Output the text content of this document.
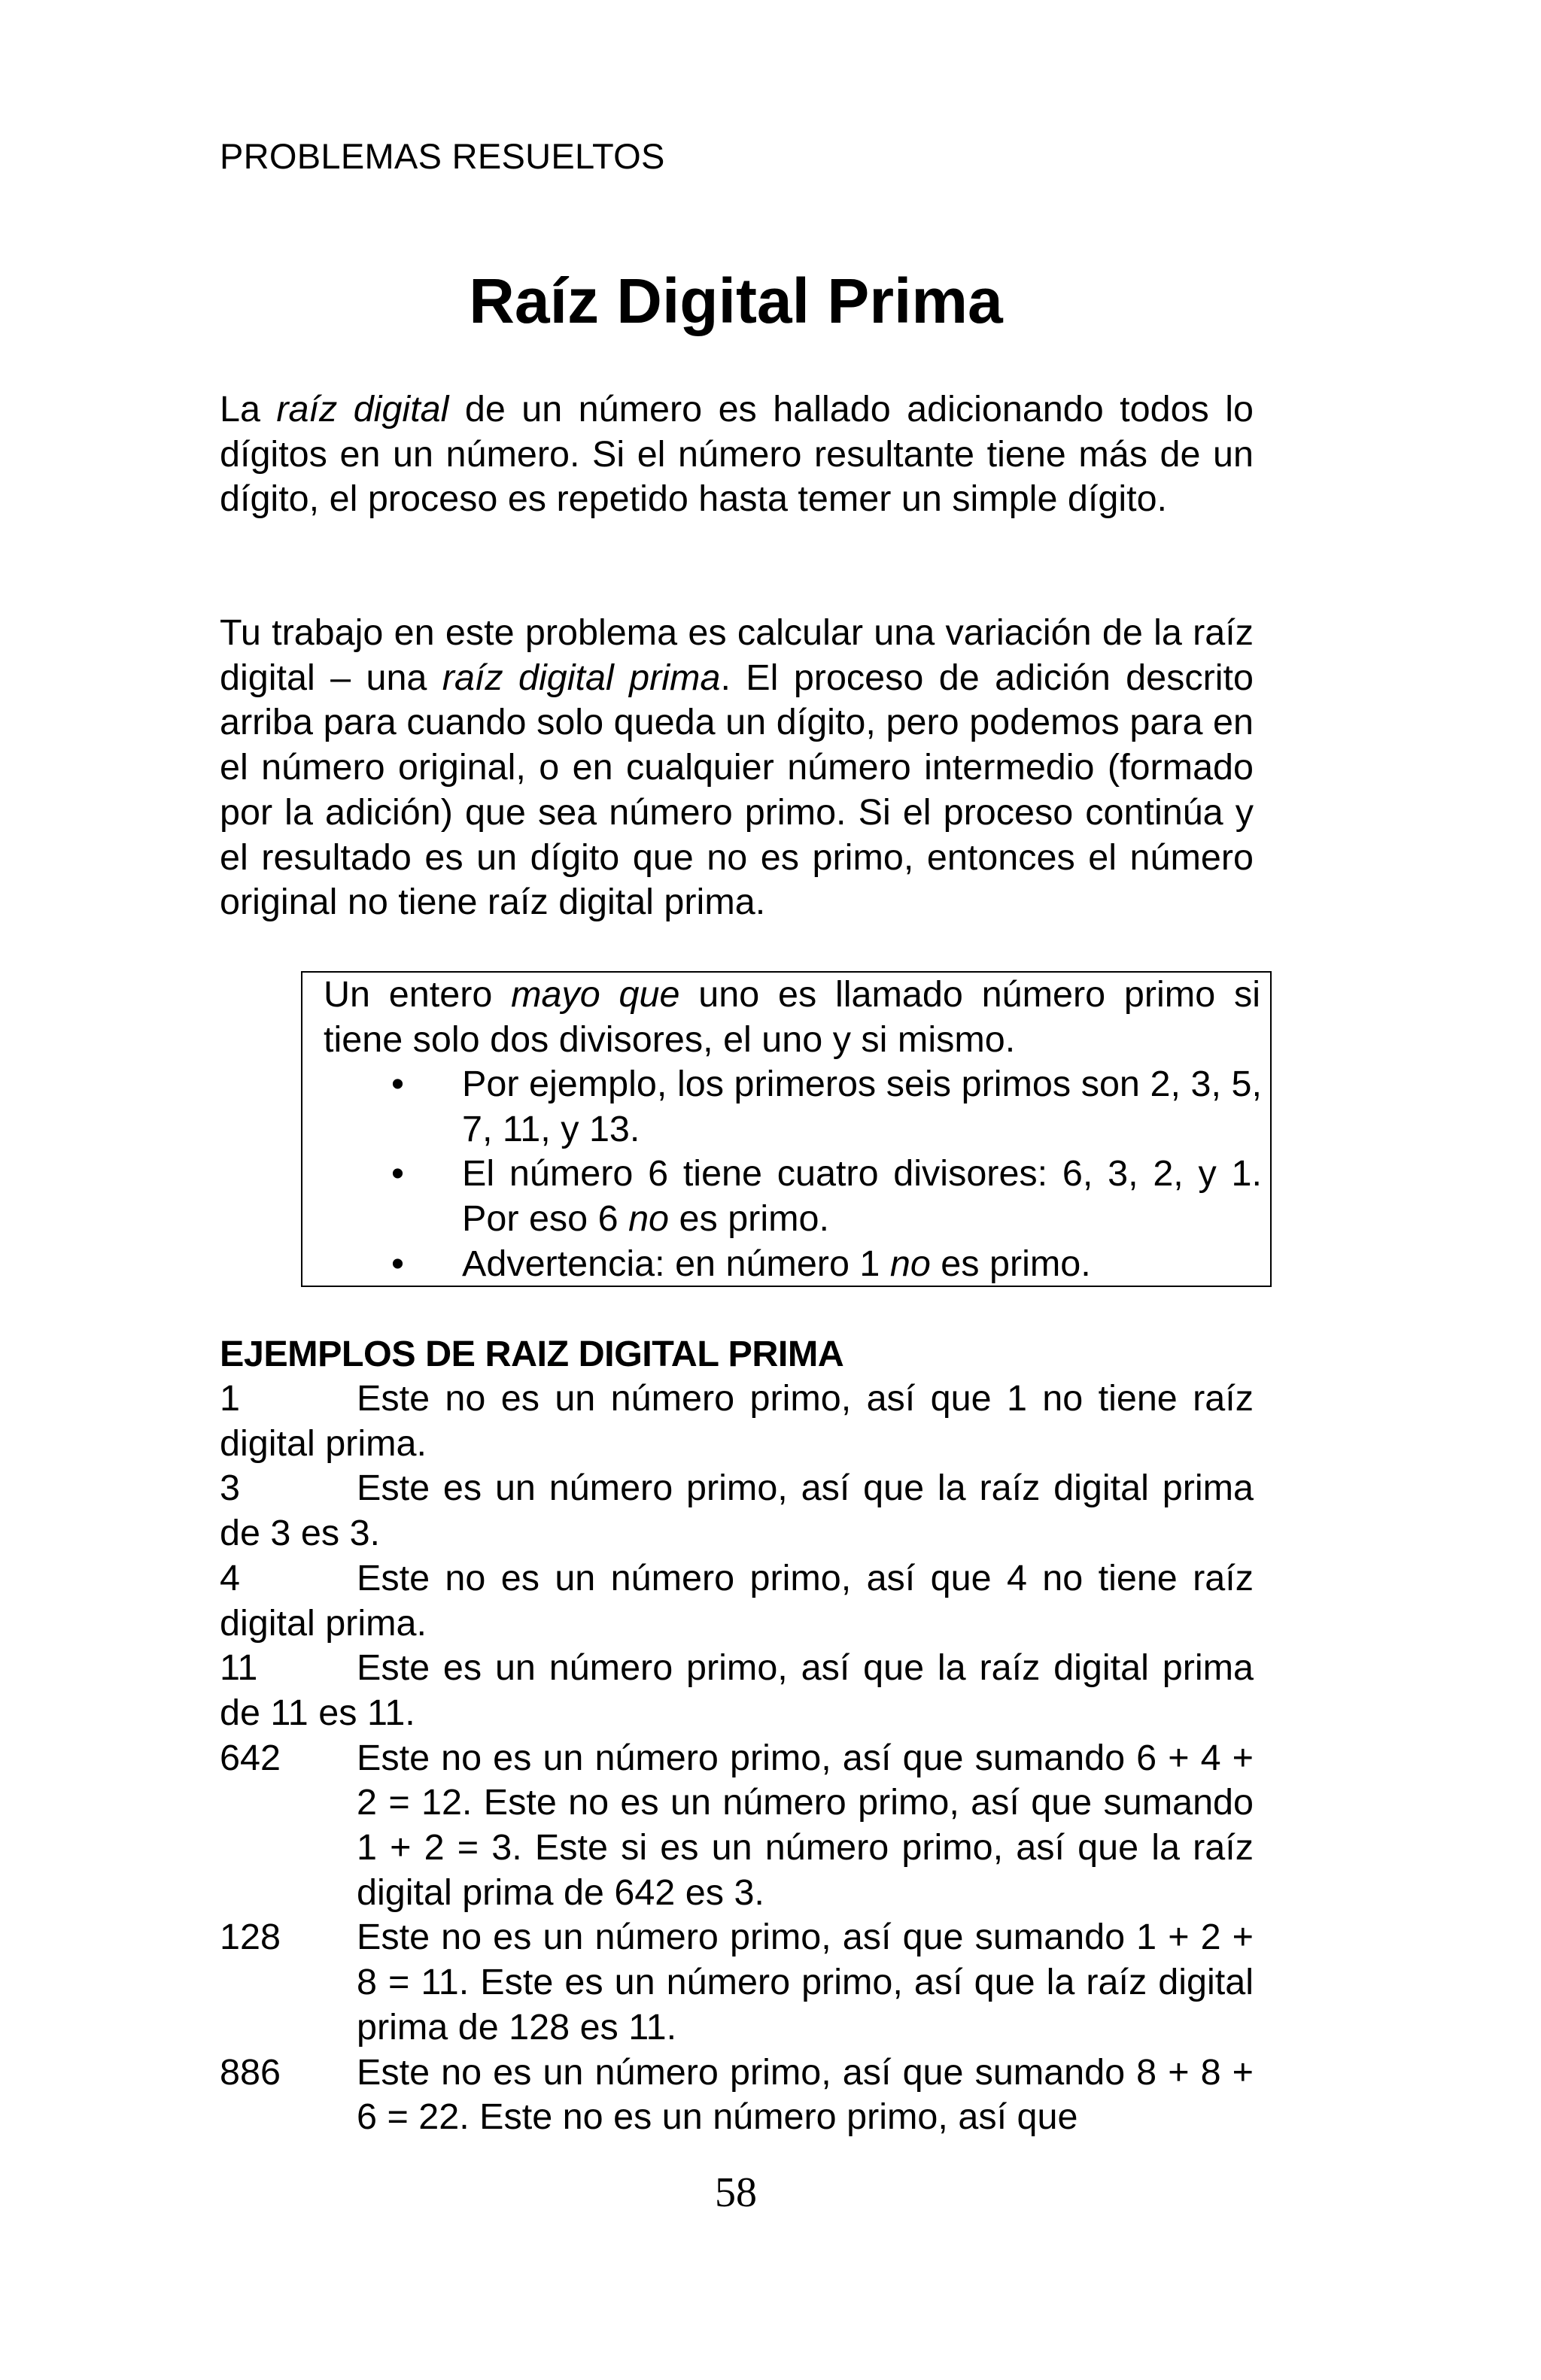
PROBLEMAS RESUELTOS
Raíz Digital Prima

La raíz digital de un número es hallado adicionando todos lo dígitos en un número. Si el número resultante tiene más de un dígito, el proceso es repetido hasta temer un simple dígito.

Tu trabajo en este problema es calcular una variación de la raíz digital – una raíz digital prima. El proceso de adición descrito arriba para cuando solo queda un dígito, pero podemos para en el número original, o en cualquier número intermedio (formado por la adición) que sea número primo. Si el proceso continúa y el resultado es un dígito que no es primo, entonces el número original no tiene raíz digital prima.

Un entero mayo que uno es llamado número primo si tiene solo dos divisores, el uno y si mismo.
• Por ejemplo, los primeros seis primos son 2, 3, 5, 7, 11, y 13.
• El número 6 tiene cuatro divisores: 6, 3, 2, y 1. Por eso 6 no es primo.
• Advertencia: en número 1 no es primo.
EJEMPLOS DE RAIZ DIGITAL PRIMA
1	Este no es un número primo, así que 1 no tiene raíz digital prima.
3	Este es un número primo, así que la raíz digital prima de 3 es 3.
4	Este no es un número primo, así que 4 no tiene raíz digital prima.
11	Este es un número primo, así que la raíz digital prima de 11 es 11.
642 Este no es un número primo, así que sumando 6 + 4 + 2 = 12. Este no es un número primo, así que sumando 1 + 2 = 3. Este si es un número primo, así que la raíz digital prima de 642 es 3.
128 Este no es un número primo, así que sumando 1 + 2 + 8 = 11. Este es un número primo, así que la raíz digital prima de 128 es 11.
886 Este no es un número primo, así que sumando 8 + 8 + 6 = 22. Este no es un número primo, así que
58
